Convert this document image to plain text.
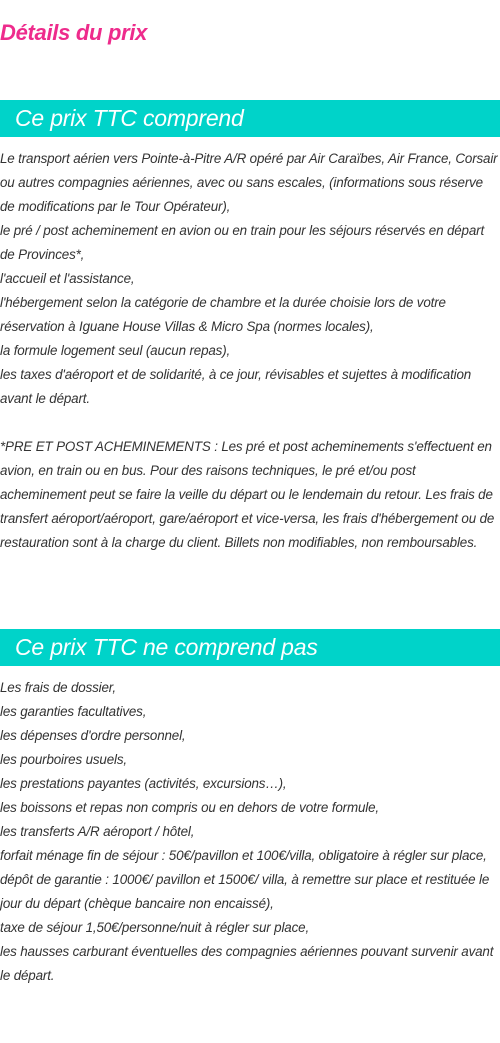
Détails du prix
Ce prix TTC comprend

Le transport aérien vers Pointe-à-Pitre A/R opéré par Air Caraïbes, Air France, Corsair ou autres compagnies aériennes, avec ou sans escales, (informations sous réserve de modifications par le Tour Opérateur),

le pré / post acheminement en avion ou en train pour les séjours réservés en départ de Provinces*,

l'accueil et l'assistance,

l'hébergement selon la catégorie de chambre et la durée choisie lors de votre réservation à Iguane House Villas & Micro Spa (normes locales),

la formule logement seul (aucun repas),

les taxes d'aéroport et de solidarité, à ce jour, révisables et sujettes à modification avant le départ.

*PRE ET POST ACHEMINEMENTS : Les pré et post acheminements s'effectuent en avion, en train ou en bus. Pour des raisons techniques, le pré et/ou post acheminement peut se faire la veille du départ ou le lendemain du retour. Les frais de transfert aéroport/aéroport, gare/aéroport et vice-versa, les frais d'hébergement ou de restauration sont à la charge du client. Billets non modifiables, non remboursables.

Ce prix TTC ne comprend pas

Les frais de dossier,

les garanties facultatives,

les dépenses d'ordre personnel,

les pourboires usuels,

les prestations payantes (activités, excursions…),

les boissons et repas non compris ou en dehors de votre formule,

les transferts A/R aéroport / hôtel,

forfait ménage fin de séjour : 50€/pavillon et 100€/villa, obligatoire à régler sur place,

dépôt de garantie : 1000€/ pavillon et 1500€/ villa, à remettre sur place et restituée le jour du départ (chèque bancaire non encaissé),

taxe de séjour 1,50€/personne/nuit à régler sur place,

les hausses carburant éventuelles des compagnies aériennes pouvant survenir avant le départ.
